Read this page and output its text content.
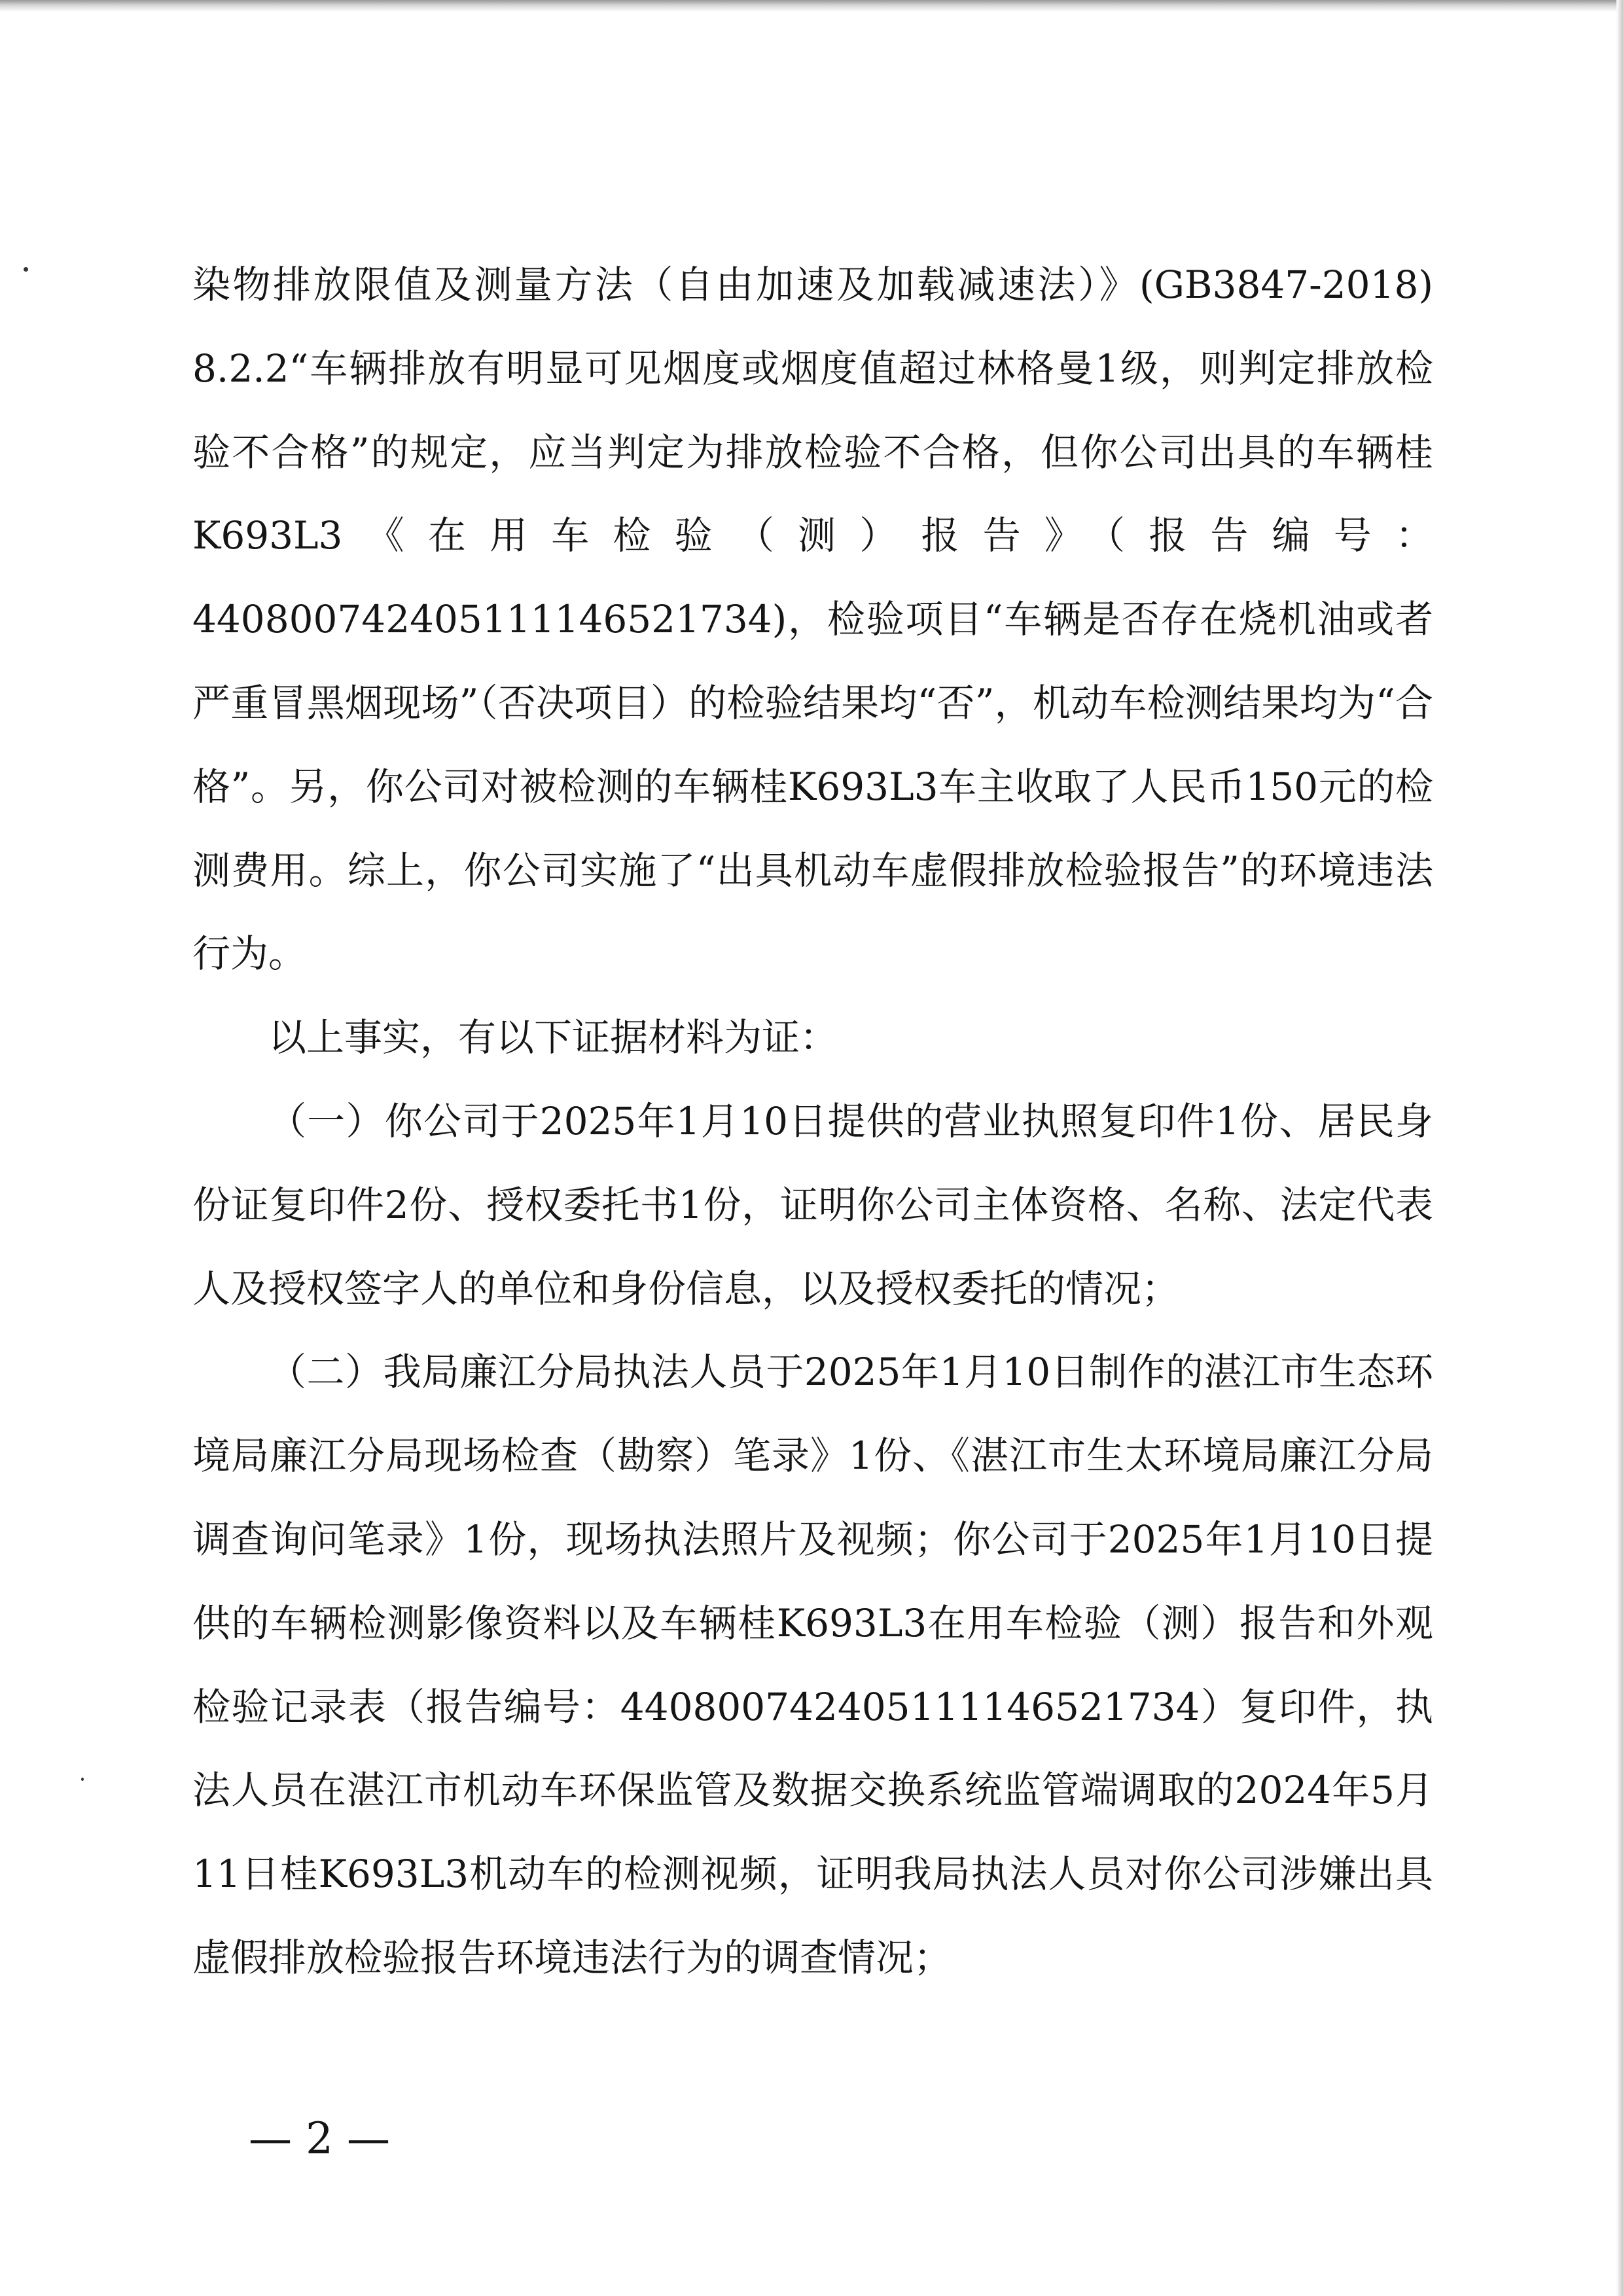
染物排放限值及测量方法（自由加速及加载减速法）》(GB3847-2018) 8.2.2“车辆排放有明显可见烟度或烟度值超过林格曼1级，则判定排放检验不合格”的规定，应当判定为排放检验不合格，但你公司出具的车辆桂K693L3《在用车检验（测）报告》（报告编号：44080074240511114652173​4)，检验项目“车辆是否存在烧机油或者严重冒黑烟现场”（否决项目）的检验结果均“否”，机动车检测结果均为“合格”。另，你公司对被检测的车辆桂K693L3车主收取了人民币150元的检测费用。综上，你公司实施了“出具机动车虚假排放检验报告”的环境违法行为。

以上事实，有以下证据材料为证：

（一）你公司于2025年1月10日提供的营业执照复印件1份、居民身份证复印件2份、授权委托书1份，证明你公司主体资格、名称、法定代表人及授权签字人的单位和身份信息，以及授权委托的情况；

（二）我局廉江分局执法人员于2025年1月10日制作的湛江市生态环境局廉江分局现场检查（勘察）笔录》1份、《湛江市生太环境局廉江分局调查询问笔录》1份，现场执法照片及视频；你公司于2025年1月10日提供的车辆检测影像资料以及车辆桂K693L3在用车检验（测）报告和外观检验记录表（报告编号：440800742405111146521734）复印件，执法人员在湛江市机动车环保监管及数据交换系统监管端调取的2024年5月11日桂K693L3机动车的检测视频，证明我局执法人员对你公司涉嫌出具虚假排放检验报告环境违法行为的调查情况；

— 2 —
